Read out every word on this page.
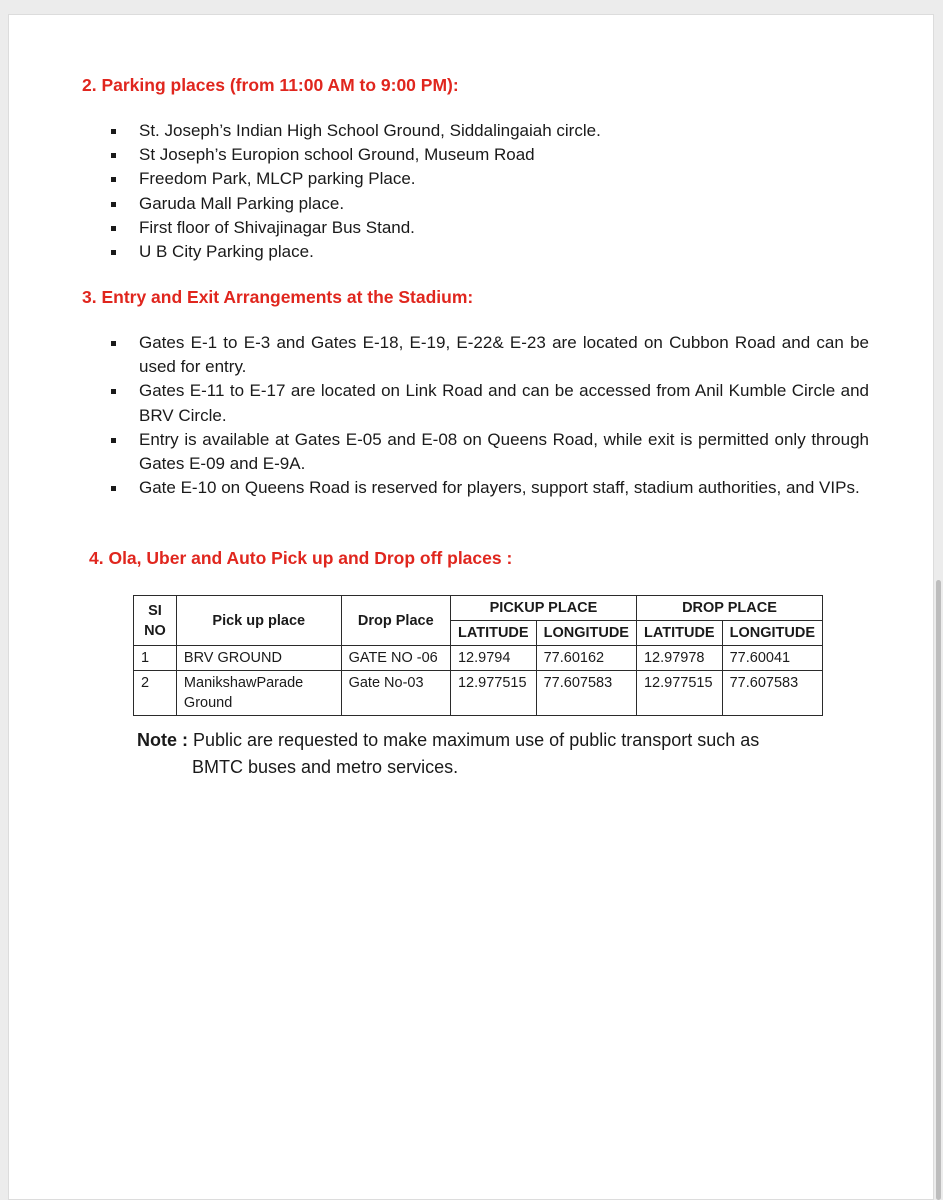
2. Parking places (from 11:00 AM to 9:00 PM):
St. Joseph’s Indian High School Ground, Siddalingaiah circle.
St Joseph’s Europion school Ground, Museum Road
Freedom Park, MLCP parking Place.
Garuda Mall Parking place.
First floor of Shivajinagar Bus Stand.
U B City Parking place.
3. Entry and Exit Arrangements at the Stadium:
Gates E-1 to E-3 and Gates E-18, E-19, E-22& E-23 are located on Cubbon Road and can be used for entry.
Gates E-11 to E-17 are located on Link Road and can be accessed from Anil Kumble Circle and BRV Circle.
Entry is available at Gates E-05 and E-08 on Queens Road, while exit is permitted only through Gates E-09 and E-9A.
Gate E-10 on Queens Road is reserved for players, support staff, stadium authorities, and VIPs.
4. Ola, Uber and Auto Pick up and Drop off places :
SI NO	Pick up place	Drop Place	PICKUP PLACE		DROP PLACE	
			LATITUDE	LONGITUDE	LATITUDE	LONGITUDE
1	BRV GROUND	GATE NO -06	12.9794	77.60162	12.97978	77.60041
2	ManikshawParade Ground	Gate No-03	12.977515	77.607583	12.977515	77.607583
Note : Public are requested to make maximum use of public transport such as
BMTC buses and metro services.
